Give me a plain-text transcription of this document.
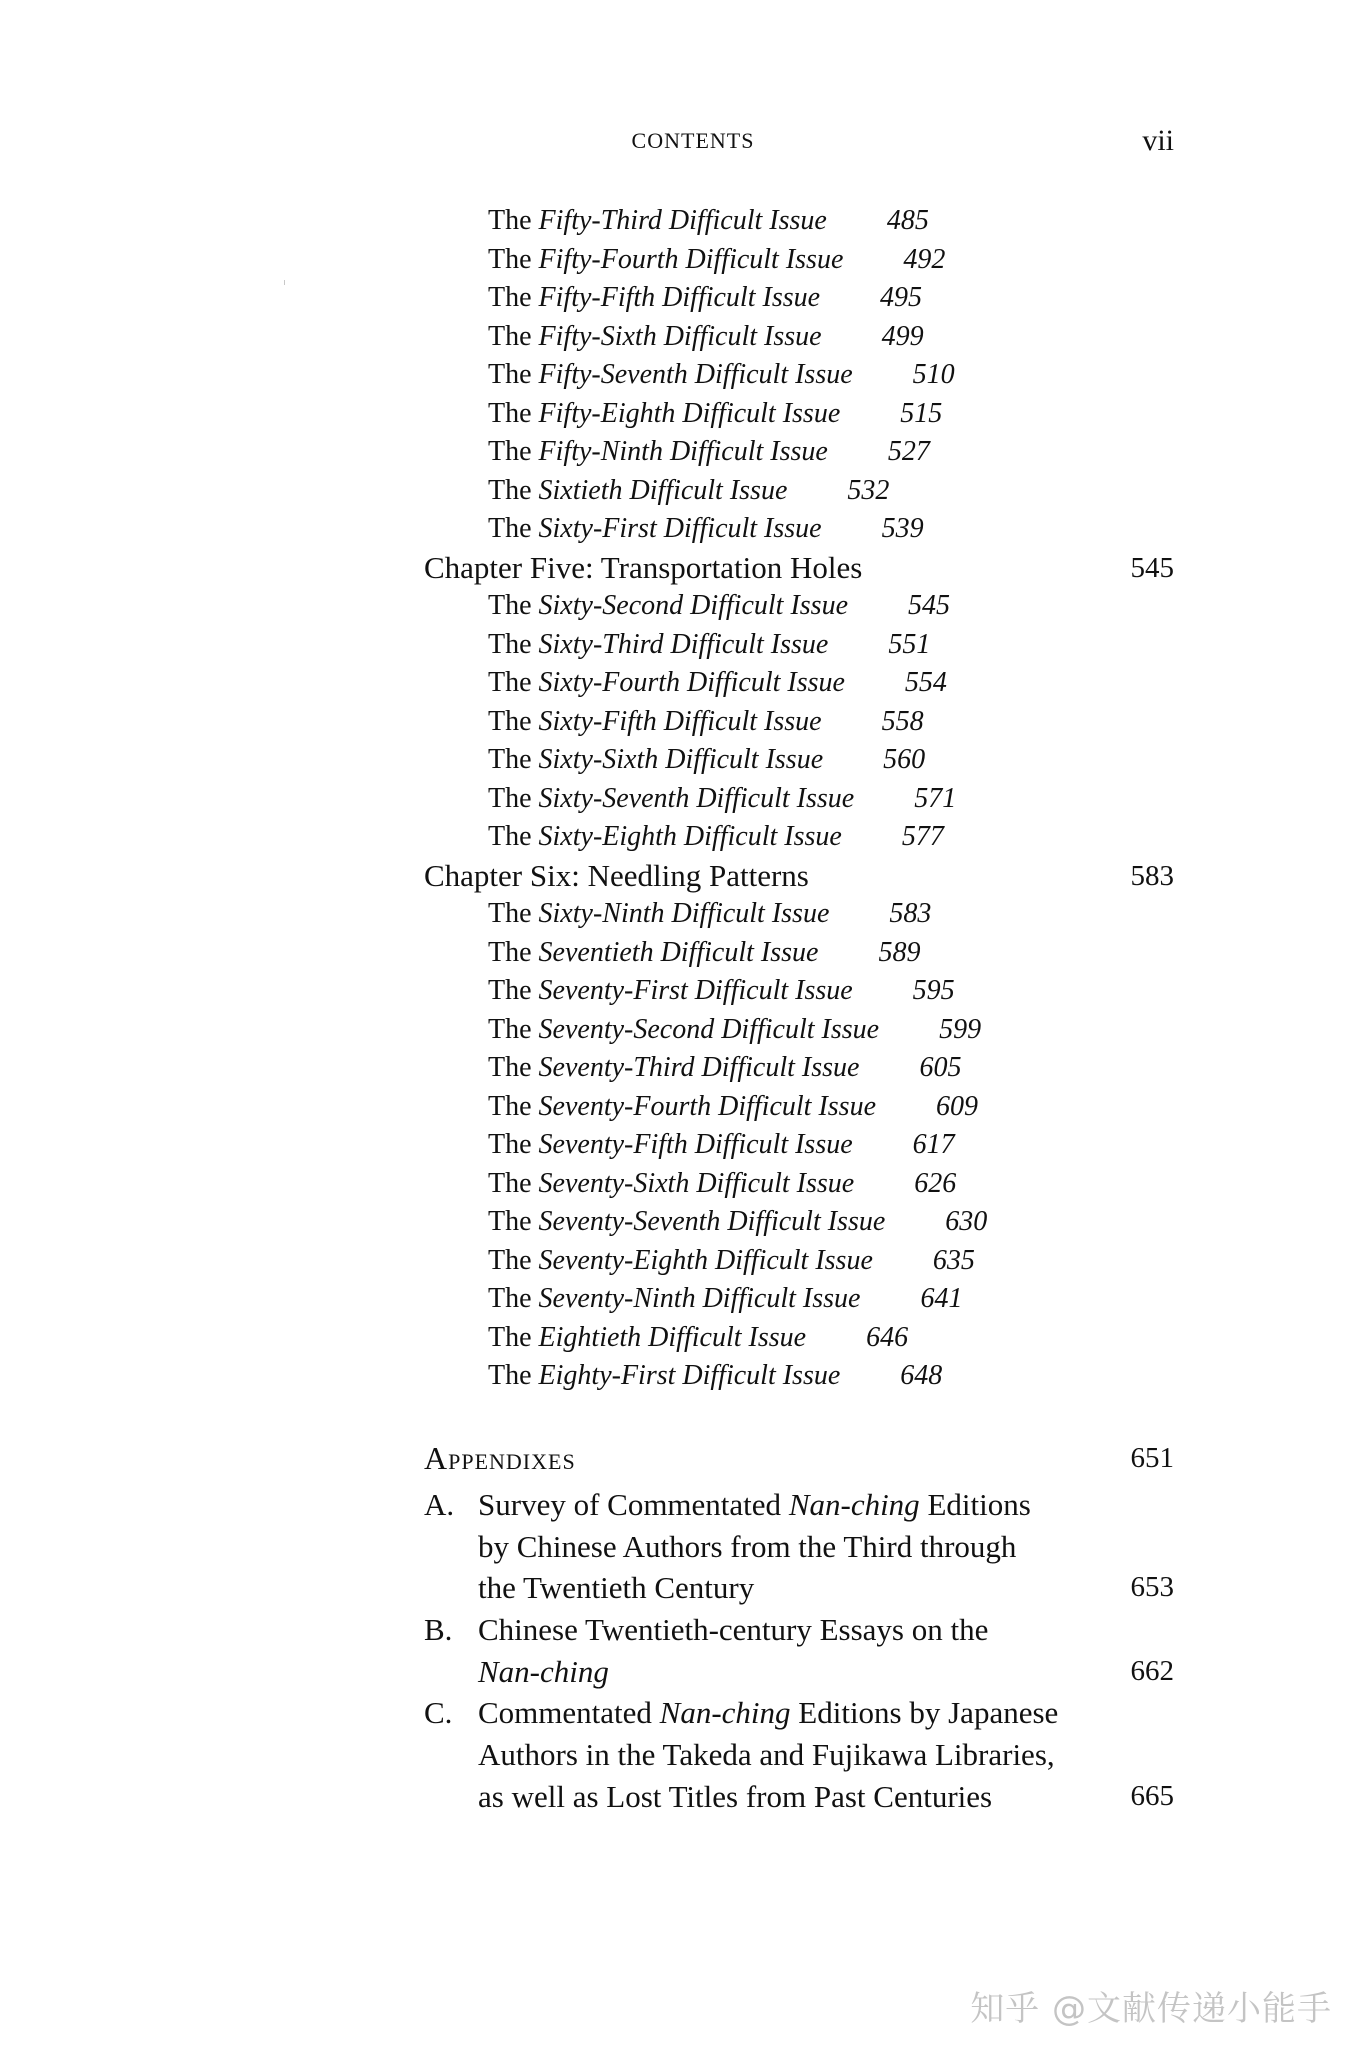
CONTENTS	vii
The Fifty-Third Difficult Issue 485
The Fifty-Fourth Difficult Issue 492
The Fifty-Fifth Difficult Issue 495
The Fifty-Sixth Difficult Issue 499
The Fifty-Seventh Difficult Issue 510
The Fifty-Eighth Difficult Issue 515
The Fifty-Ninth Difficult Issue 527
The Sixtieth Difficult Issue 532
The Sixty-First Difficult Issue 539
Chapter Five: Transportation Holes	545
The Sixty-Second Difficult Issue 545
The Sixty-Third Difficult Issue 551
The Sixty-Fourth Difficult Issue 554
The Sixty-Fifth Difficult Issue 558
The Sixty-Sixth Difficult Issue 560
The Sixty-Seventh Difficult Issue 571
The Sixty-Eighth Difficult Issue 577
Chapter Six: Needling Patterns	583
The Sixty-Ninth Difficult Issue 583
The Seventieth Difficult Issue 589
The Seventy-First Difficult Issue 595
The Seventy-Second Difficult Issue 599
The Seventy-Third Difficult Issue 605
The Seventy-Fourth Difficult Issue 609
The Seventy-Fifth Difficult Issue 617
The Seventy-Sixth Difficult Issue 626
The Seventy-Seventh Difficult Issue 630
The Seventy-Eighth Difficult Issue 635
The Seventy-Ninth Difficult Issue 641
The Eightieth Difficult Issue 646
The Eighty-First Difficult Issue 648
Appendixes	651
A. Survey of Commentated Nan-ching Editions
by Chinese Authors from the Third through
the Twentieth Century	653
B. Chinese Twentieth-century Essays on the
Nan-ching	662
C. Commentated Nan-ching Editions by Japanese
Authors in the Takeda and Fujikawa Libraries,
as well as Lost Titles from Past Centuries	665
知乎 @文献传递小能手
